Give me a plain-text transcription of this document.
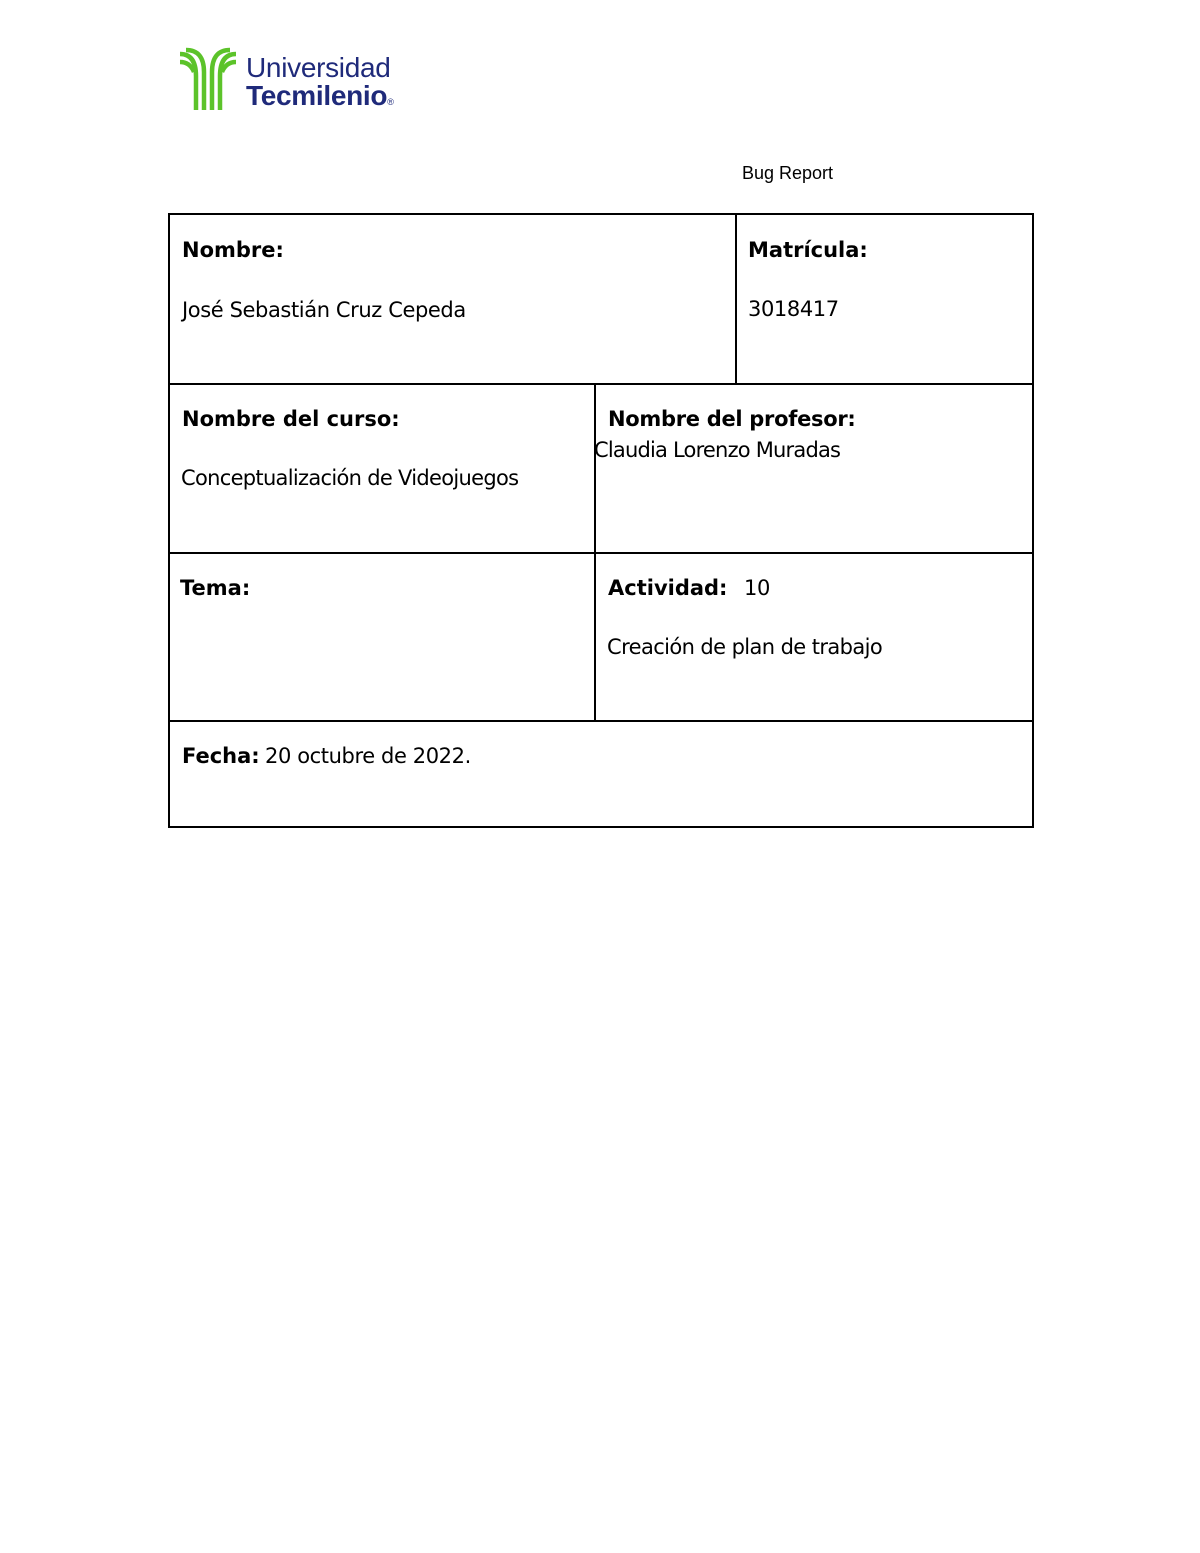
Universidad
Tecmilenio®
Bug Report
Nombre:
José Sebastián Cruz Cepeda
Matrícula:
3018417
Nombre del curso:
Conceptualización de Videojuegos
Nombre del profesor:
Claudia Lorenzo Muradas
Tema:	Actividad: 10
Creación de plan de trabajo
Fecha: 20 octubre de 2022.
